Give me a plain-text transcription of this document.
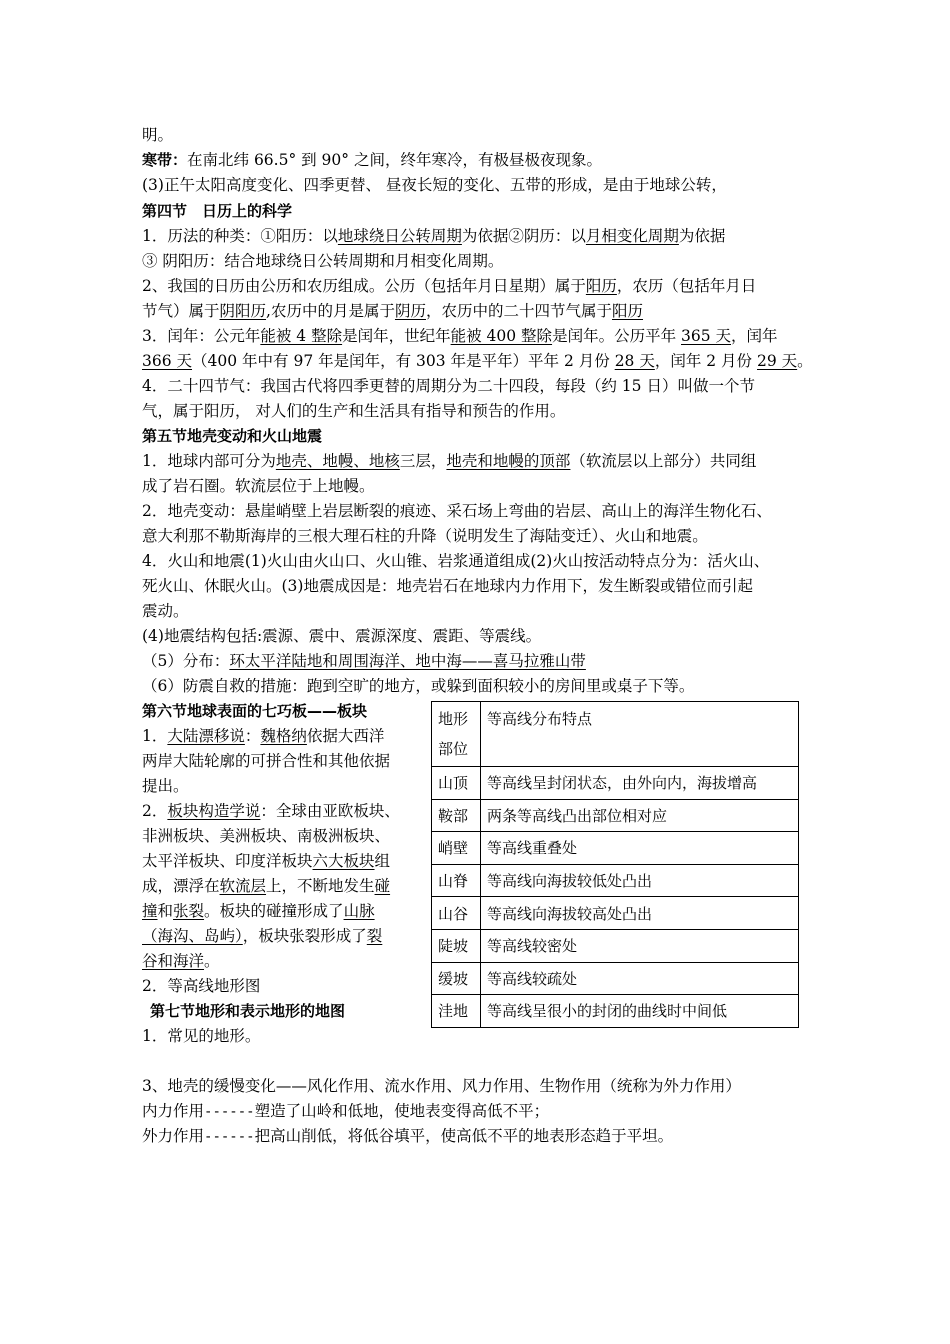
明。
寒带：在南北纬 66.5° 到 90° 之间，终年寒冷，有极昼极夜现象。
(3)正午太阳高度变化、四季更替、 昼夜长短的变化、五带的形成，是由于地球公转，
第四节　日历上的科学
1．历法的种类：①阳历：以地球绕日公转周期为依据②阴历：以月相变化周期为依据
③ 阴阳历：结合地球绕日公转周期和月相变化周期。
2、我国的日历由公历和农历组成。公历（包括年月日星期）属于阳历，农历（包括年月日
节气）属于阴阳历,农历中的月是属于阴历，农历中的二十四节气属于阳历
3．闰年：公元年能被 4 整除是闰年，世纪年能被 400 整除是闰年。公历平年 365 天，闰年
366 天（400 年中有 97 年是闰年，有 303 年是平年）平年 2 月份 28 天，闰年 2 月份 29 天。
4．二十四节气：我国古代将四季更替的周期分为二十四段，每段（约 15 日）叫做一个节
气，属于阳历， 对人们的生产和生活具有指导和预告的作用。
第五节地壳变动和火山地震
1．地球内部可分为地壳、地幔、地核三层，地壳和地幔的顶部（软流层以上部分）共同组
成了岩石圈。软流层位于上地幔。
2．地壳变动：悬崖峭壁上岩层断裂的痕迹、采石场上弯曲的岩层、高山上的海洋生物化石、
意大利那不勒斯海岸的三根大理石柱的升降（说明发生了海陆变迁）、火山和地震。
4．火山和地震(1)火山由火山口、火山锥、岩浆通道组成(2)火山按活动特点分为：活火山、
死火山、休眠火山。(3)地震成因是：地壳岩石在地球内力作用下，发生断裂或错位而引起
震动。
(4)地震结构包括:震源、震中、震源深度、震距、等震线。
（5）分布：环太平洋陆地和周围海洋、地中海——喜马拉雅山带
（6）防震自救的措施：跑到空旷的地方，或躲到面积较小的房间里或桌子下等。
第六节地球表面的七巧板——板块
1．大陆漂移说：魏格纳依据大西洋
两岸大陆轮廓的可拼合性和其他依据
提出。
2．板块构造学说：全球由亚欧板块、
非洲板块、美洲板块、南极洲板块、
太平洋板块、印度洋板块六大板块组
成，漂浮在软流层上，不断地发生碰
撞和张裂。板块的碰撞形成了山脉
（海沟、岛屿），板块张裂形成了裂
谷和海洋。
2．等高线地形图
第七节地形和表示地形的地图
1．常见的地形。
3、地壳的缓慢变化——风化作用、流水作用、风力作用、生物作用（统称为外力作用）
内力作用------塑造了山岭和低地，使地表变得高低不平；
外力作用------把高山削低，将低谷填平，使高低不平的地表形态趋于平坦。
地形部位	等高线分布特点
山顶	等高线呈封闭状态，由外向内，海拔增高
鞍部	两条等高线凸出部位相对应
峭壁	等高线重叠处
山脊	等高线向海拔较低处凸出
山谷	等高线向海拔较高处凸出
陡坡	等高线较密处
缓坡	等高线较疏处
洼地	等高线呈很小的封闭的曲线时中间低
